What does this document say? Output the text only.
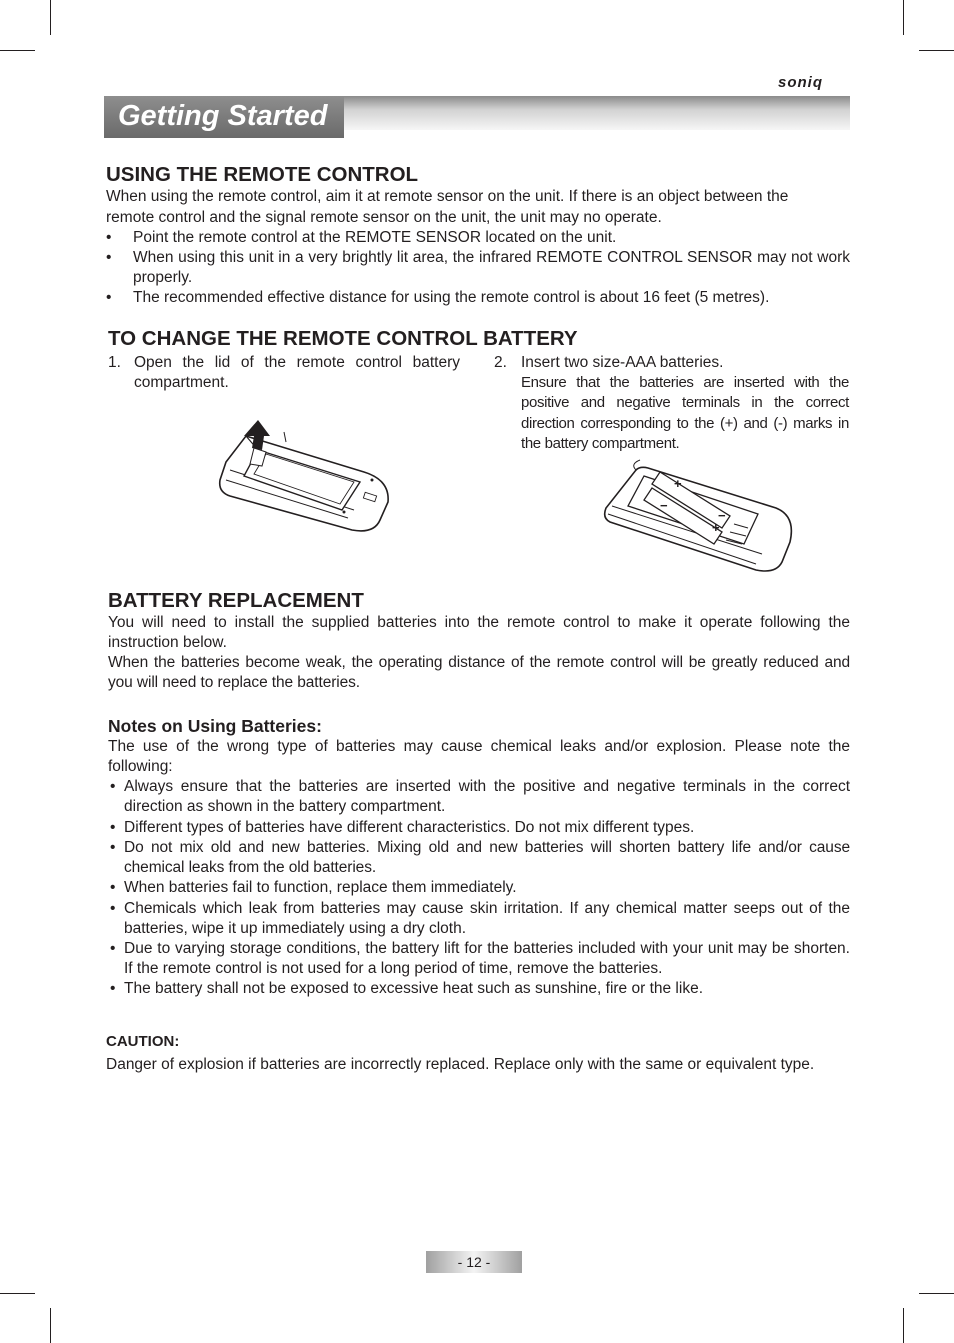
soniq
Getting Started
USING THE REMOTE CONTROL
When using the remote control, aim it at remote sensor on the unit. If there is an object between the
remote control and the signal remote sensor on the unit, the unit may no operate.
• Point the remote control at the REMOTE SENSOR located on the unit.
• When using this unit in a very brightly lit area, the infrared REMOTE CONTROL SENSOR may not work properly.
• The recommended effective distance for using the remote control is about 16 feet (5 metres).
TO CHANGE THE REMOTE CONTROL BATTERY
1. Open the lid of the remote control battery compartment.
2. Insert two size-AAA batteries.
Ensure that the batteries are inserted with the positive and negative terminals in the correct direction corresponding to the (+) and (-) marks in the battery compartment.
+
−
−
+
BATTERY REPLACEMENT
You will need to install the supplied batteries into the remote control to make it operate following the instruction below.
When the batteries become weak, the operating distance of the remote control will be greatly reduced and you will need to replace the batteries.
Notes on Using Batteries:
The use of the wrong type of batteries may cause chemical leaks and/or explosion. Please note the following:
• Always ensure that the batteries are inserted with the positive and negative terminals in the correct direction as shown in the battery compartment.
• Different types of batteries have different characteristics. Do not mix different types.
• Do not mix old and new batteries. Mixing old and new batteries will shorten battery life and/or cause chemical leaks from the old batteries.
• When batteries fail to function, replace them immediately.
• Chemicals which leak from batteries may cause skin irritation. If any chemical matter seeps out of the batteries, wipe it up immediately using a dry cloth.
• Due to varying storage conditions, the battery lift for the batteries included with your unit may be shorten. If the remote control is not used for a long period of time, remove the batteries.
• The battery shall not be exposed to excessive heat such as sunshine, fire or the like.
CAUTION:
Danger of explosion if batteries are incorrectly replaced. Replace only with the same or equivalent type.
- 12 -
